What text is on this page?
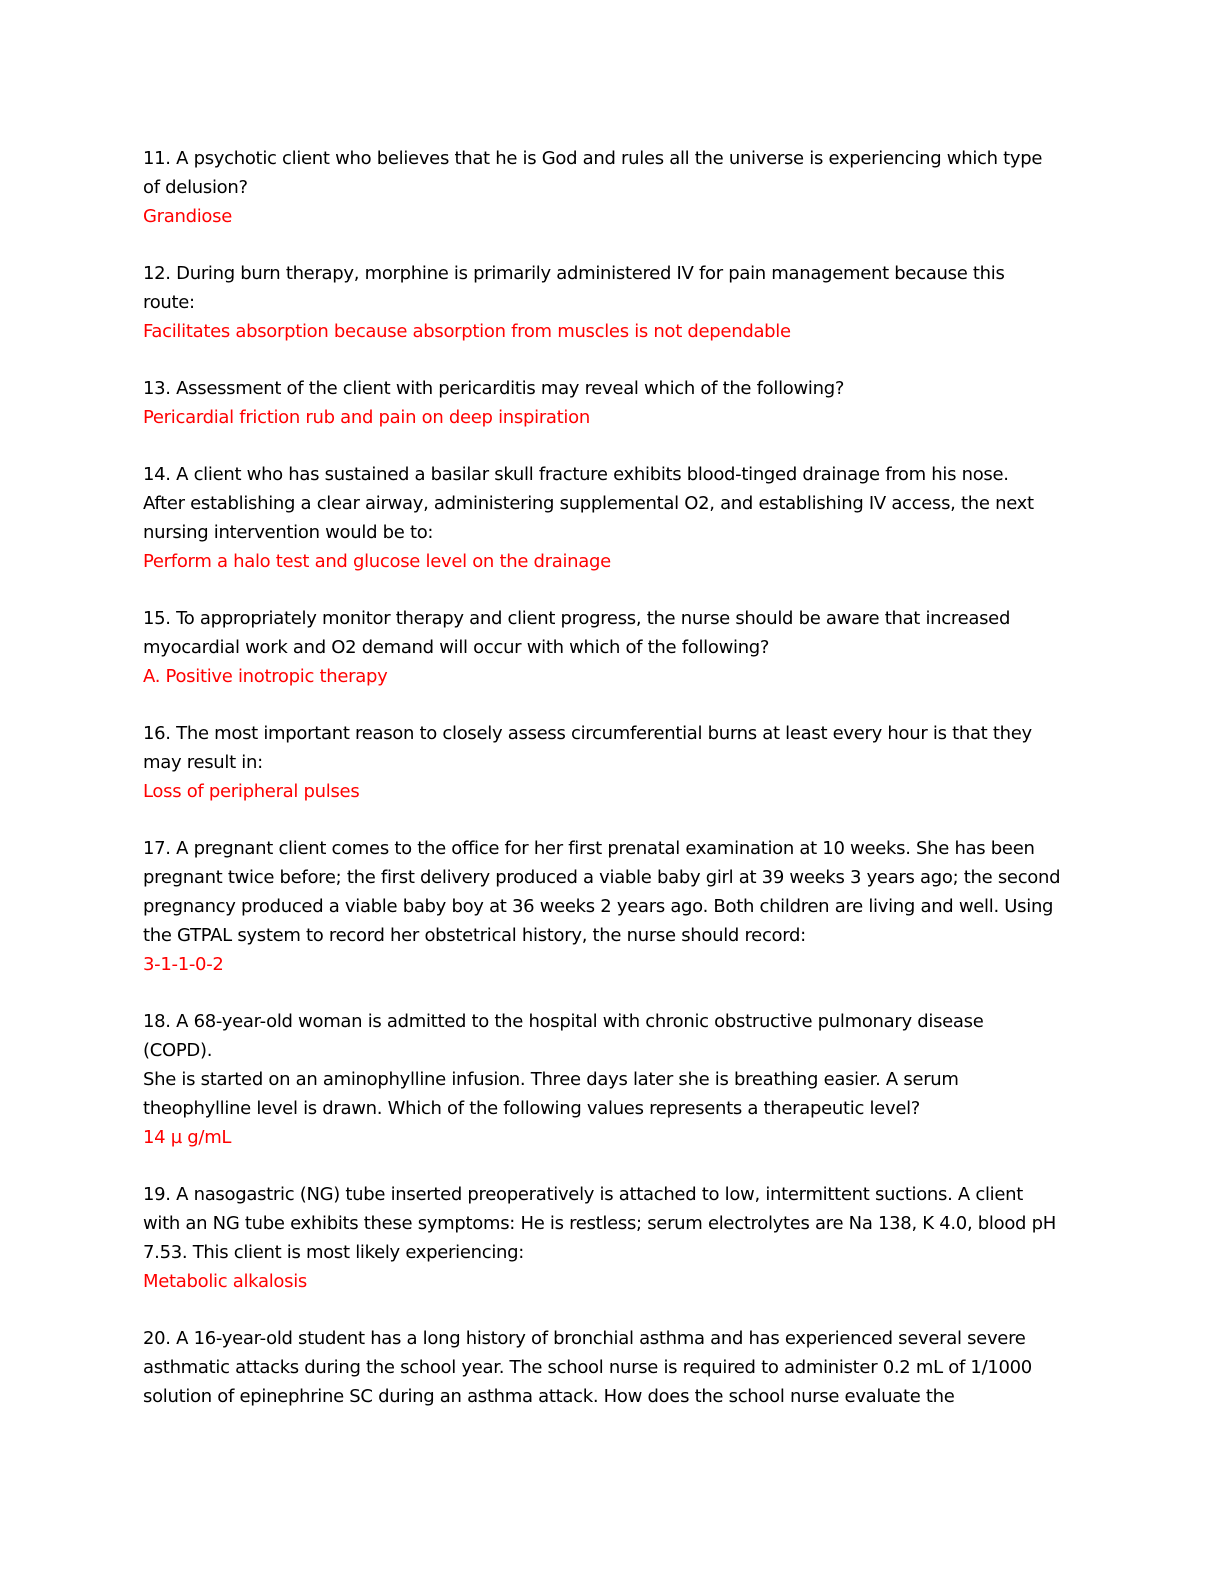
11. A psychotic client who believes that he is God and rules all the universe is experiencing which type
of delusion?
Grandiose
12. During burn therapy, morphine is primarily administered IV for pain management because this
route:
Facilitates absorption because absorption from muscles is not dependable
13. Assessment of the client with pericarditis may reveal which of the following?
Pericardial friction rub and pain on deep inspiration
14. A client who has sustained a basilar skull fracture exhibits blood-tinged drainage from his nose.
After establishing a clear airway, administering supplemental O2, and establishing IV access, the next
nursing intervention would be to:
Perform a halo test and glucose level on the drainage
15. To appropriately monitor therapy and client progress, the nurse should be aware that increased
myocardial work and O2 demand will occur with which of the following?
A. Positive inotropic therapy
16. The most important reason to closely assess circumferential burns at least every hour is that they
may result in:
Loss of peripheral pulses
17. A pregnant client comes to the office for her first prenatal examination at 10 weeks. She has been
pregnant twice before; the first delivery produced a viable baby girl at 39 weeks 3 years ago; the second
pregnancy produced a viable baby boy at 36 weeks 2 years ago. Both children are living and well. Using
the GTPAL system to record her obstetrical history, the nurse should record:
3-1-1-0-2
18. A 68-year-old woman is admitted to the hospital with chronic obstructive pulmonary disease
(COPD).
She is started on an aminophylline infusion. Three days later she is breathing easier. A serum
theophylline level is drawn. Which of the following values represents a therapeutic level?
14 µ g/mL
19. A nasogastric (NG) tube inserted preoperatively is attached to low, intermittent suctions. A client
with an NG tube exhibits these symptoms: He is restless; serum electrolytes are Na 138, K 4.0, blood pH
7.53. This client is most likely experiencing:
Metabolic alkalosis
20. A 16-year-old student has a long history of bronchial asthma and has experienced several severe
asthmatic attacks during the school year. The school nurse is required to administer 0.2 mL of 1/1000
solution of epinephrine SC during an asthma attack. How does the school nurse evaluate the
